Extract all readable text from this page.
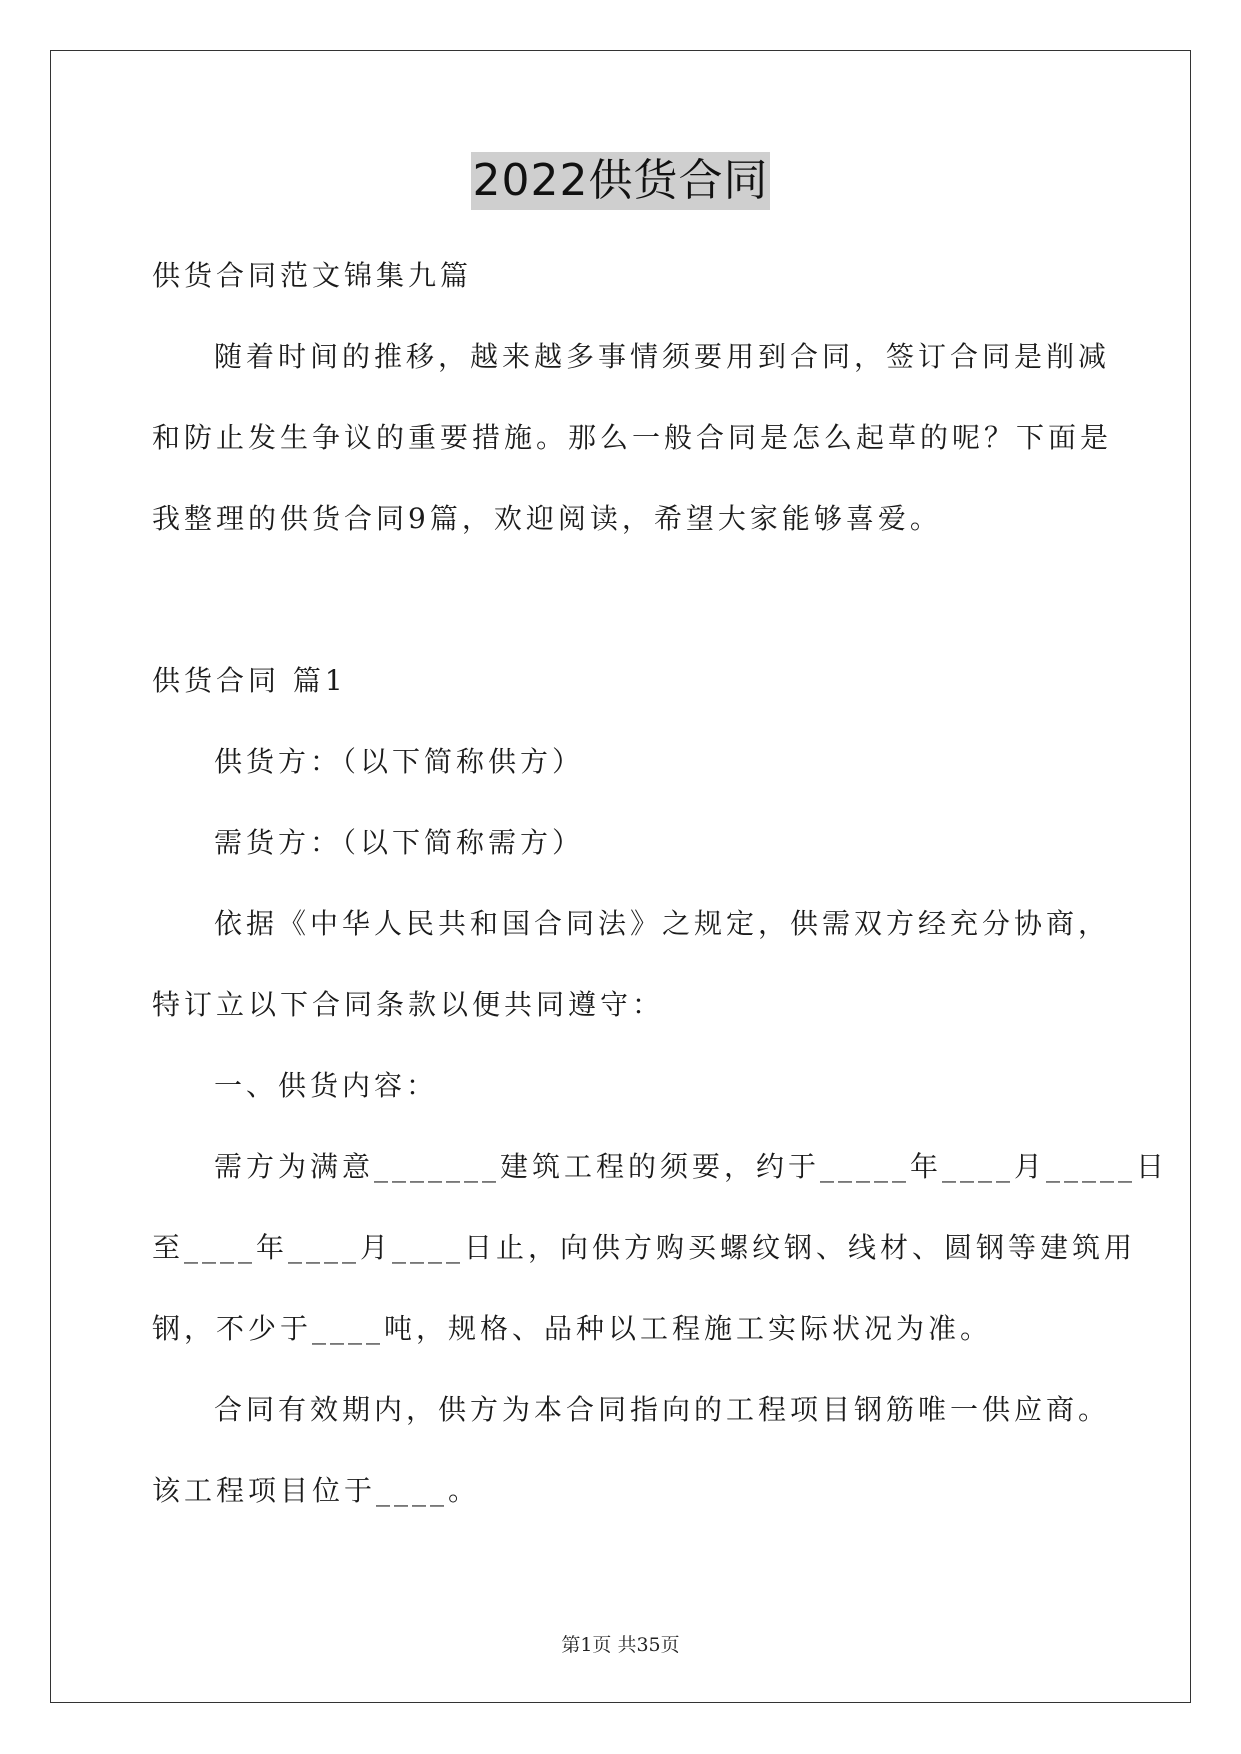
2022供货合同
供货合同范文锦集九篇
随着时间的推移，越来越多事情须要用到合同，签订合同是削减
和防止发生争议的重要措施。那么一般合同是怎么起草的呢？下面是
我整理的供货合同9篇，欢迎阅读，希望大家能够喜爱。
供货合同 篇1
供货方：（以下简称供方）
需货方：（以下简称需方）
依据《中华人民共和国合同法》之规定，供需双方经充分协商，
特订立以下合同条款以便共同遵守：
一、供货内容：
需方为满意_______建筑工程的须要，约于_____年____月_____日
至____年____月____日止，向供方购买螺纹钢、线材、圆钢等建筑用
钢，不少于____吨，规格、品种以工程施工实际状况为准。
合同有效期内，供方为本合同指向的工程项目钢筋唯一供应商。
该工程项目位于____。
第1页 共35页
